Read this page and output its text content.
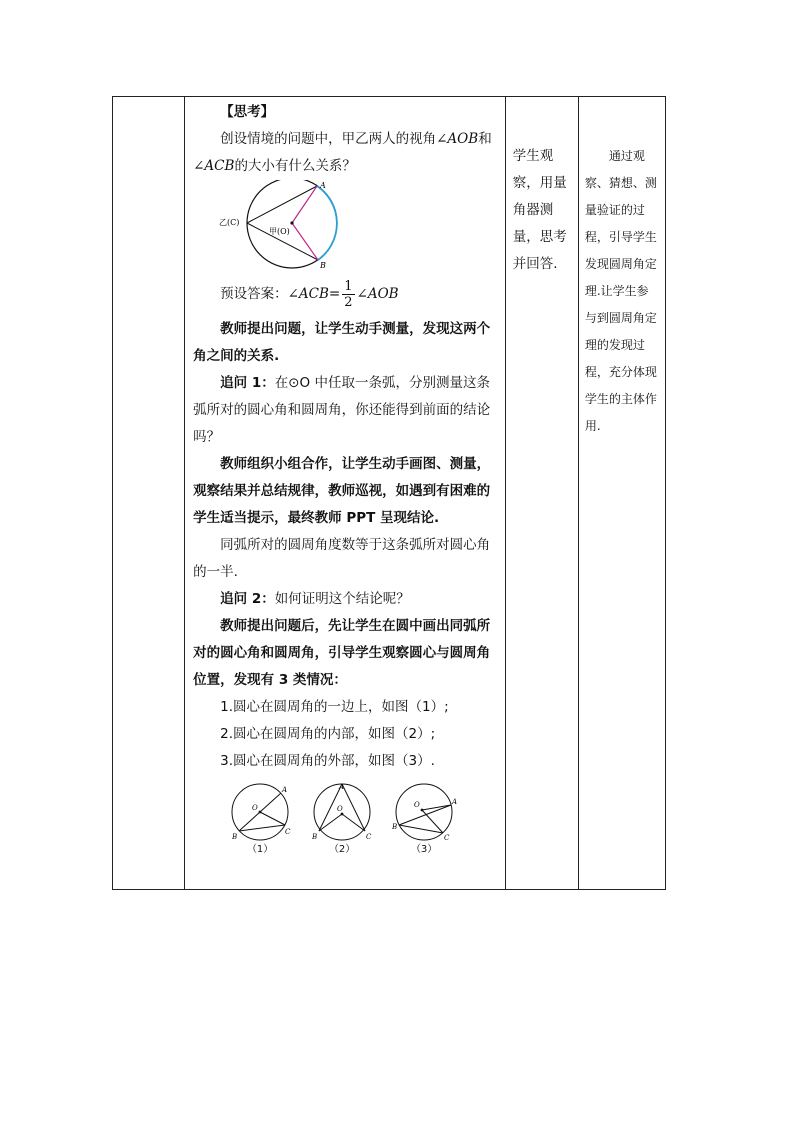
【思考】

创设情境的问题中，甲乙两人的视角∠AOB和∠ACB的大小有什么关系？

A
B
乙(C)
甲(O)
预设答案： ∠ACB= $\frac{1}{2}$ ∠AOB

教师提出问题，让学生动手测量，发现这两个角之间的关系.

追问 1：在⊙O 中任取一条弧，分别测量这条弧所对的圆心角和圆周角，你还能得到前面的结论吗？

教师组织小组合作，让学生动手画图、测量，观察结果并总结规律，教师巡视，如遇到有困难的学生适当提示，最终教师 PPT 呈现结论.

同弧所对的圆周角度数等于这条弧所对圆心角的一半.

追问 2：如何证明这个结论呢？

教师提出问题后，先让学生在圆中画出同弧所对的圆心角和圆周角，引导学生观察圆心与圆周角位置，发现有 3 类情况：

1.圆心在圆周角的一边上，如图（1）;

2.圆心在圆周角的内部，如图（2）;

3.圆心在圆周角的外部，如图（3）.

O
A
B
C
（1）
O
A
B	C
（2）
O	A
B
C
（3）

学生观察，用量角器测量，思考并回答.

通过观察、猜想、测量验证的过程，引导学生发现圆周角定理.让学生参与到圆周角定理的发现过程，充分体现学生的主体作用.
